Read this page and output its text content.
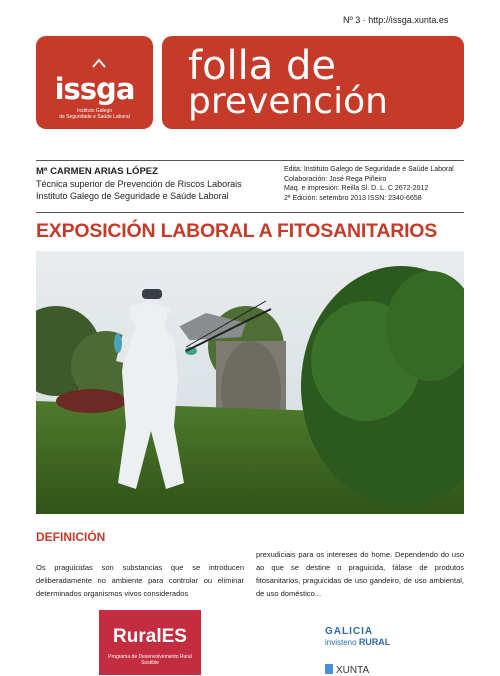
Nº 3 · http://issga.xunta.es
issga
Instituto Galego
de Seguridade e Saúde Laboral
folla de
prevención
Mª CARMEN ARIAS LÓPEZ
Técnica superior de Prevención de Riscos Laborais
Instituto Galego de Seguridade e Saúde Laboral
Edita: Instituto Galego de Seguridade e Saúde Laboral
Colaboración: José Rega Piñeiro
Maq. e impresión: Reilla Sl. D. L. C 2672-2012
2ª Edición: setembro 2013 ISSN: 2340-6658
EXPOSICIÓN LABORAL A FITOSANITARIOS
DEFINICIÓN
Os praguicidas son substancias que se introducen deliberadamente no ambiente para controlar ou eliminar determinados organismos vivos considerados
prexudiciais para os intereses do home. Dependendo do uso ao que se destine o praguicida, fálase de produtos fitosanitarios, praguicidas de uso gandeiro, de uso ambiental, de uso doméstico...
RuralES
Programa de Desenvolvemento Rural Sostible
GALICIA
invisteno RURAL
XUNTA
